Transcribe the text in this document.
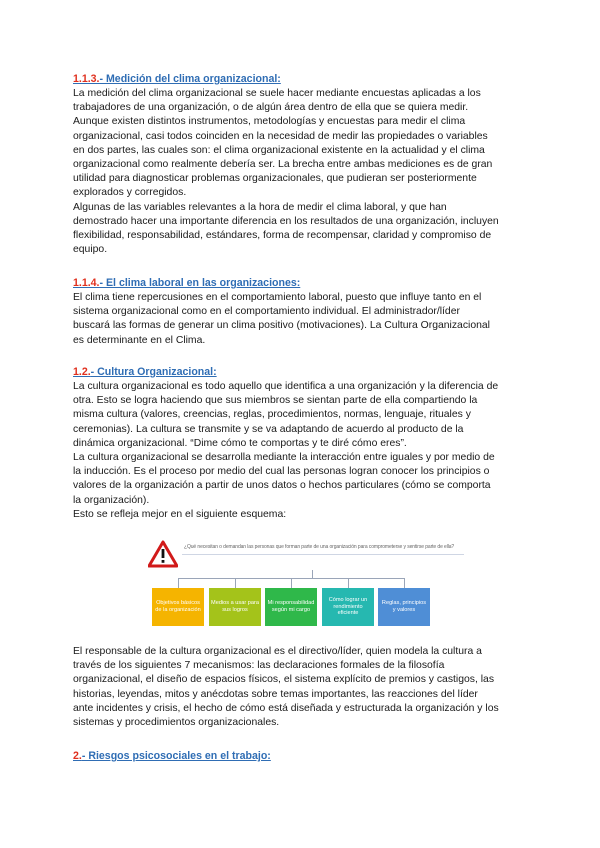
1.1.3.- Medición del clima organizacional:

La medición del clima organizacional se suele hacer mediante encuestas aplicadas a los

trabajadores de una organización, o de algún área dentro de ella que se quiera medir.

Aunque existen distintos instrumentos, metodologías y encuestas para medir el clima

organizacional, casi todos coinciden en la necesidad de medir las propiedades o variables

en dos partes, las cuales son: el clima organizacional existente en la actualidad y el clima

organizacional como realmente debería ser. La brecha entre ambas mediciones es de gran

utilidad para diagnosticar problemas organizacionales, que pudieran ser posteriormente

explorados y corregidos.

Algunas de las variables relevantes a la hora de medir el clima laboral, y que han

demostrado hacer una importante diferencia en los resultados de una organización, incluyen

flexibilidad, responsabilidad, estándares, forma de recompensar, claridad y compromiso de

equipo.

1.1.4.- El clima laboral en las organizaciones:

El clima tiene repercusiones en el comportamiento laboral, puesto que influye tanto en el

sistema organizacional como en el comportamiento individual. El administrador/líder

buscará las formas de generar un clima positivo (motivaciones). La Cultura Organizacional

es determinante en el Clima.

1.2.- Cultura Organizacional:

La cultura organizacional es todo aquello que identifica a una organización y la diferencia de

otra. Esto se logra haciendo que sus miembros se sientan parte de ella compartiendo la

misma cultura (valores, creencias, reglas, procedimientos, normas, lenguaje, rituales y

ceremonias). La cultura se transmite y se va adaptando de acuerdo al producto de la

dinámica organizacional. “Dime cómo te comportas y te diré cómo eres”.

La cultura organizacional se desarrolla mediante la interacción entre iguales y por medio de

la inducción. Es el proceso por medio del cual las personas logran conocer los principios o

valores de la organización a partir de unos datos o hechos particulares (cómo se comporta

la organización).

Esto se refleja mejor en el siguiente esquema:

¿Qué necesitan o demandan las personas que forman parte de una organización para comprometerse y sentirse parte de ella?
Objetivos básicos de la organización
Medios a usar para sus logros
Mi responsabilidad según mi cargo
Cómo lograr un rendimiento eficiente
Reglas, principios y valores

El responsable de la cultura organizacional es el directivo/líder, quien modela la cultura a

través de los siguientes 7 mecanismos: las declaraciones formales de la filosofía

organizacional, el diseño de espacios físicos, el sistema explícito de premios y castigos, las

historias, leyendas, mitos y anécdotas sobre temas importantes, las reacciones del líder

ante incidentes y crisis, el hecho de cómo está diseñada y estructurada la organización y los

sistemas y procedimientos organizacionales.

2.- Riesgos psicosociales en el trabajo:
